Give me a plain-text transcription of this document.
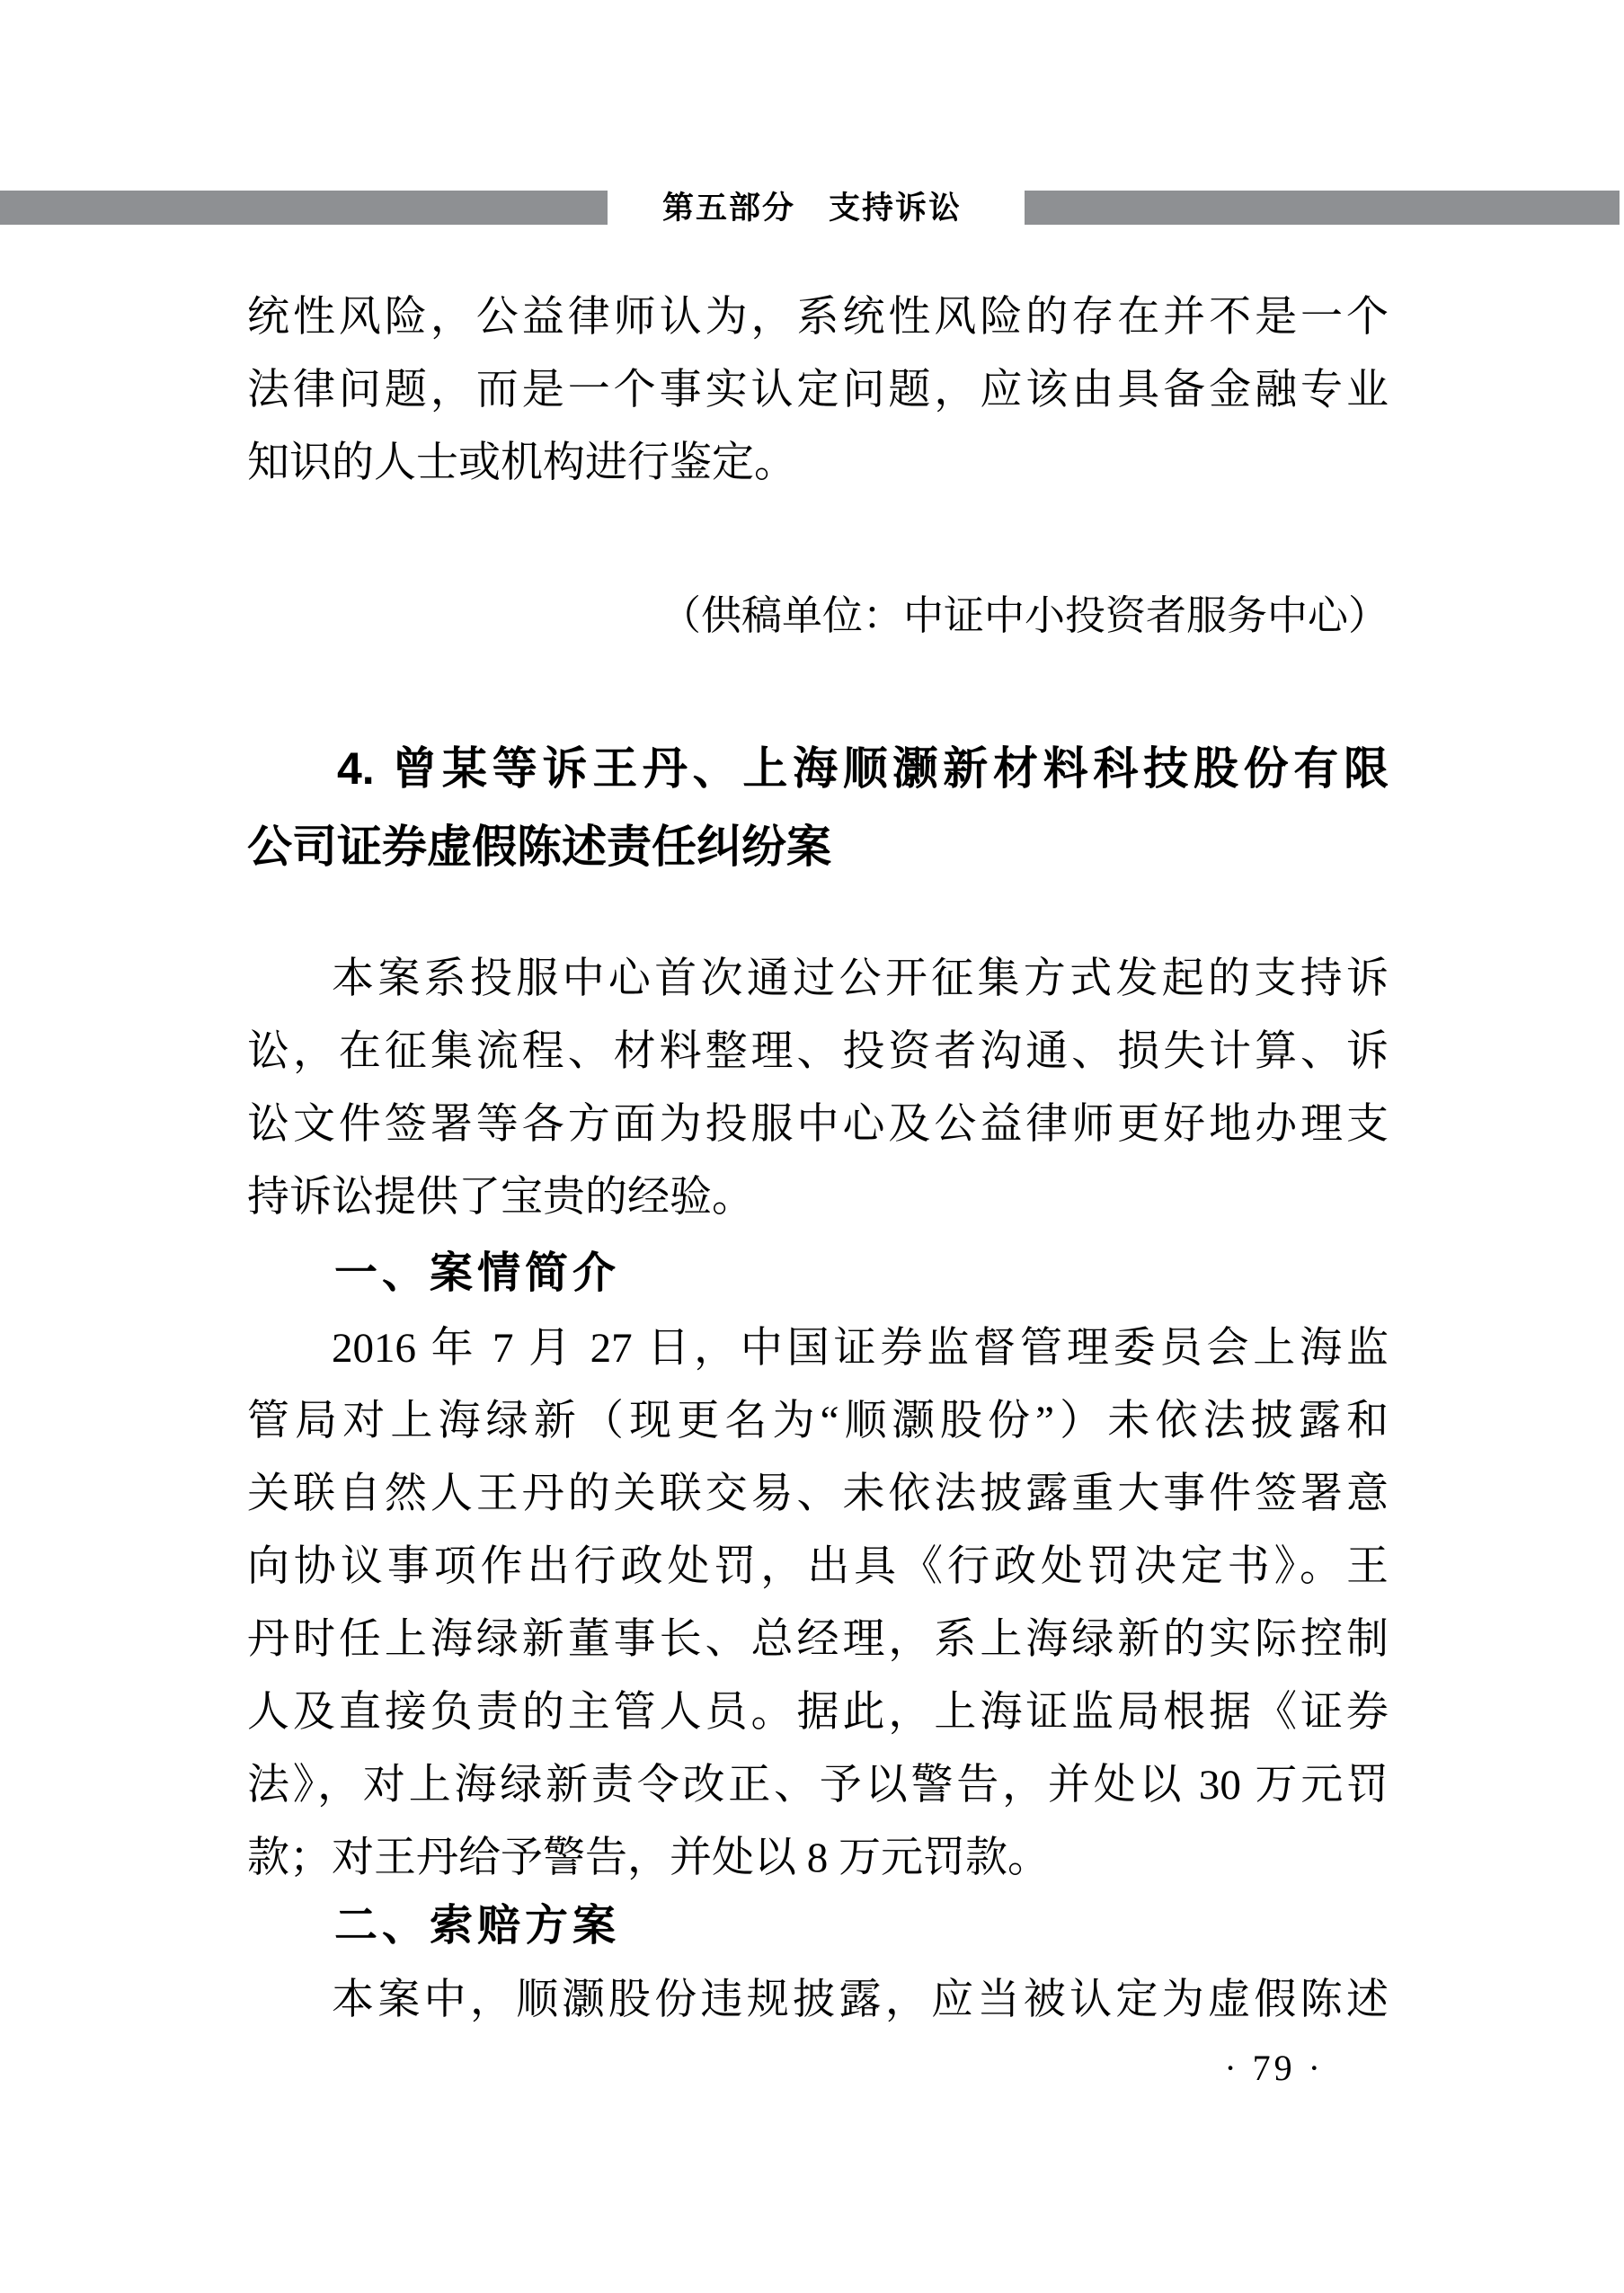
第五部分　支持诉讼
统性风险，公益律师认为，系统性风险的存在并不是一个
法律问题，而是一个事实认定问题，应该由具备金融专业
知识的人士或机构进行鉴定。
（供稿单位：中证中小投资者服务中心）
4. 曾某等诉王丹、上海顺灏新材料科技股份有限
公司证券虚假陈述责任纠纷案
本案系投服中心首次通过公开征集方式发起的支持诉
讼，在征集流程、材料整理、投资者沟通、损失计算、诉
讼文件签署等各方面为投服中心及公益律师更好地办理支
持诉讼提供了宝贵的经验。
一、案情简介
2016 年 7 月 27 日，中国证券监督管理委员会上海监
管局对上海绿新（现更名为“顺灏股份”）未依法披露和
关联自然人王丹的关联交易、未依法披露重大事件签署意
向协议事项作出行政处罚，出具《行政处罚决定书》。王
丹时任上海绿新董事长、总经理，系上海绿新的实际控制
人及直接负责的主管人员。据此，上海证监局根据《证券
法》，对上海绿新责令改正、予以警告，并处以 30 万元罚
款；对王丹给予警告，并处以 8 万元罚款。
二、索赔方案
本案中，顺灏股份违规披露，应当被认定为虚假陈述
· 79 ·
